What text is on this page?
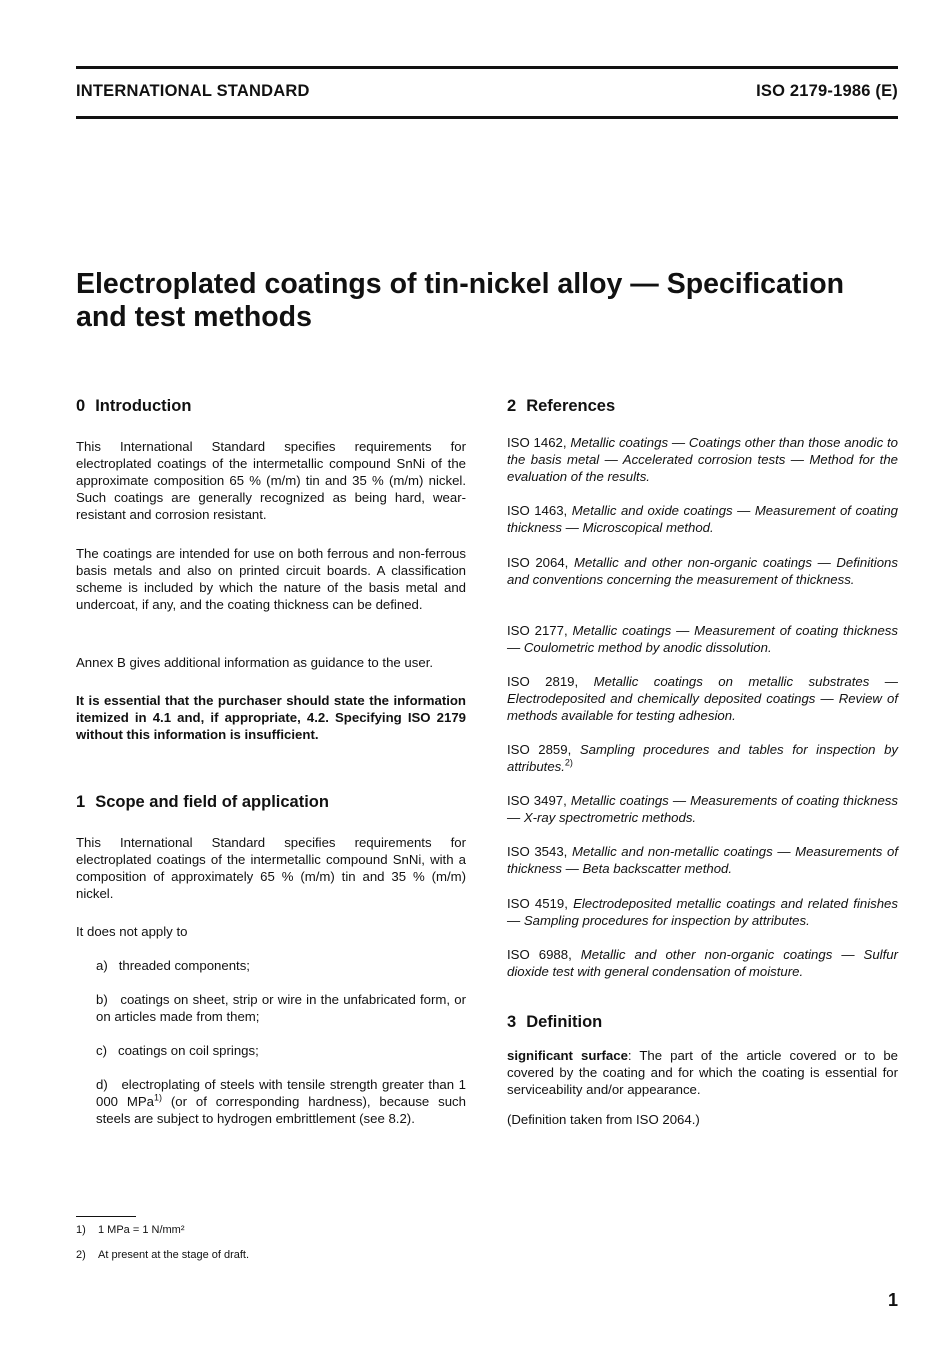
INTERNATIONAL STANDARD	ISO 2179-1986 (E)
Electroplated coatings of tin-nickel alloy — Specification
and test methods
0 Introduction

This International Standard specifies requirements for electroplated coatings of the intermetallic compound SnNi of the approximate composition 65 % (m/m) tin and 35 % (m/m) nickel. Such coatings are generally recognized as being hard, wear-resistant and corrosion resistant.

The coatings are intended for use on both ferrous and non-ferrous basis metals and also on printed circuit boards. A classification scheme is included by which the nature of the basis metal and undercoat, if any, and the coating thickness can be defined.

Annex B gives additional information as guidance to the user.

It is essential that the purchaser should state the information itemized in 4.1 and, if appropriate, 4.2. Specifying ISO 2179 without this information is insufficient.

1 Scope and field of application

This International Standard specifies requirements for electroplated coatings of the intermetallic compound SnNi, with a composition of approximately 65 % (m/m) tin and 35 % (m/m) nickel.

It does not apply to

a) threaded components;
b) coatings on sheet, strip or wire in the unfabricated form, or on articles made from them;
c) coatings on coil springs;
d) electroplating of steels with tensile strength greater than 1 000 MPa$^{1)}$ (or of corresponding hardness), because such steels are subject to hydrogen embrittlement (see 8.2).
2 References
ISO 1462, Metallic coatings — Coatings other than those anodic to the basis metal — Accelerated corrosion tests — Method for the evaluation of the results.
ISO 1463, Metallic and oxide coatings — Measurement of coating thickness — Microscopical method.
ISO 2064, Metallic and other non-organic coatings — Definitions and conventions concerning the measurement of thickness.
ISO 2177, Metallic coatings — Measurement of coating thickness — Coulometric method by anodic dissolution.
ISO 2819, Metallic coatings on metallic substrates — Electrodeposited and chemically deposited coatings — Review of methods available for testing adhesion.
ISO 2859, Sampling procedures and tables for inspection by attributes.$^{2)}$
ISO 3497, Metallic coatings — Measurements of coating thickness — X-ray spectrometric methods.
ISO 3543, Metallic and non-metallic coatings — Measurements of thickness — Beta backscatter method.
ISO 4519, Electrodeposited metallic coatings and related finishes — Sampling procedures for inspection by attributes.
ISO 6988, Metallic and other non-organic coatings — Sulfur dioxide test with general condensation of moisture.
3 Definition

significant surface: The part of the article covered or to be covered by the coating and for which the coating is essential for serviceability and/or appearance.

(Definition taken from ISO 2064.)

1) 1 MPa = 1 N/mm²
2) At present at the stage of draft.
1
